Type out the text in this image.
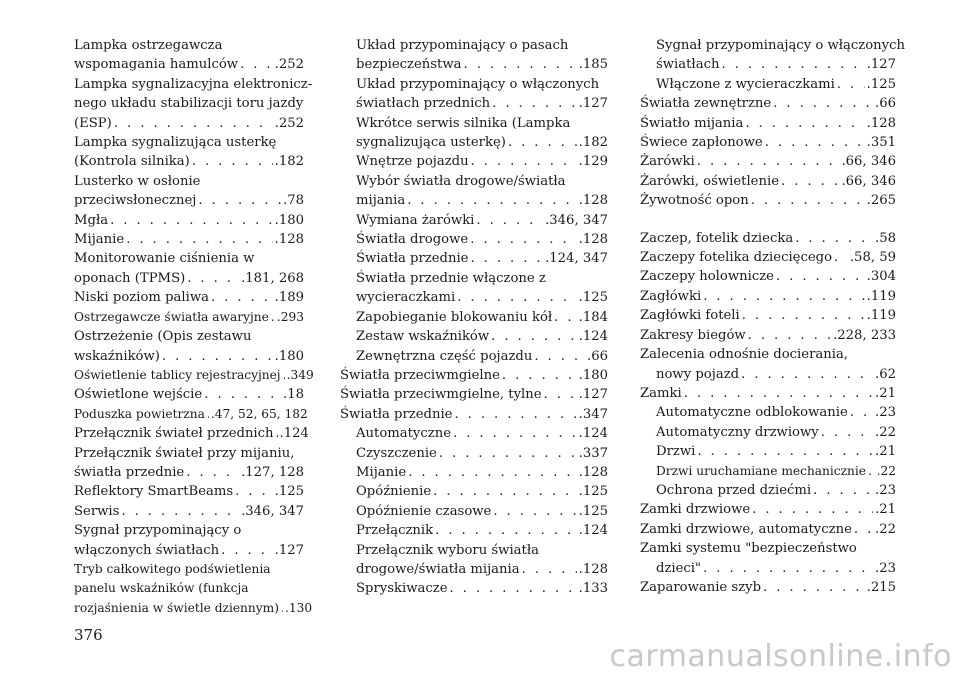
Lampka ostrzegawcza
wspomagania hamulców . . .	.252
Lampka sygnalizacyjna elektronicz-
nego układu stabilizacji toru jazdy
(ESP) . . .	.252
Lampka sygnalizująca usterkę
(Kontrola silnika) . . .	.182
Lusterko w osłonie
przeciwsłonecznej . . .	.78
Mgła . . .	.180
Mijanie . . .	.128
Monitorowanie ciśnienia w
oponach (TPMS) . . .	.181, 268
Niski poziom paliwa . . .	.189
Ostrzegawcze światła awaryjne . . . .293
Ostrzeżenie (Opis zestawu
wskaźników) . . .	.180
Oświetlenie tablicy rejestracyjnej . . . .349
Oświetlone wejście . . .	.18
Poduszka powietrzna . . . .47, 52, 65, 182
Przełącznik świateł przednich . . . .124
Przełącznik świateł przy mijaniu,
światła przednie . . .	.127, 128
Reflektory SmartBeams . . .	.125
Serwis . . .	.346, 347
Sygnał przypominający o
włączonych światłach . . .	.127
Tryb całkowitego podświetlenia
panelu wskaźników (funkcja
rozjaśnienia w świetle dziennym) . . . .130
Układ przypominający o pasach
bezpieczeństwa . . .	.185
Układ przypominający o włączonych
światłach przednich . . .	.127
Wkrótce serwis silnika (Lampka
sygnalizująca usterkę) . . .	.182
Wnętrze pojazdu . . .	.129
Wybór światła drogowe/światła
mijania . . .	.128
Wymiana żarówki . . .	.346, 347
Światła drogowe . . .	.128
Światła przednie . . .	.124, 347
Światła przednie włączone z
wycieraczkami . . .	.125
Zapobieganie blokowaniu kół . . . .184
Zestaw wskaźników . . .	.124
Zewnętrzna część pojazdu . . .	.66
Światła przeciwmgielne . . .	.180
Światła przeciwmgielne, tylne . . .	.127
Światła przednie . . .	.347
Automatyczne . . .	.124
Czyszczenie . . .	.337
Mijanie . . .	.128
Opóźnienie . . .	.125
Opóźnienie czasowe . . .	.125
Przełącznik . . .	.124
Przełącznik wyboru światła
drogowe/światła mijania . . .	.128
Spryskiwacze . . .	.133
Sygnał przypominający o włączonych
światłach . . .	.127
Włączone z wycieraczkami . . . .125
Światła zewnętrzne . . .	.66
Światło mijania . . .	.128
Świece zapłonowe . . .	.351
Żarówki . . .	.66, 346
Żarówki, oświetlenie . . .	.66, 346
Żywotność opon . . .	.265
Zaczep, fotelik dziecka . . .	.58
Zaczepy fotelika dziecięcego . . . .58, 59
Zaczepy holownicze . . .	.304
Zagłówki . . .	.119
Zagłówki foteli . . .	.119
Zakresy biegów . . .	.228, 233
Zalecenia odnośnie docierania,
nowy pojazd . . .	.62
Zamki . . .	.21
Automatyczne odblokowanie . . . .23
Automatyczny drzwiowy . . .	.22
Drzwi . . .	.21
Drzwi uruchamiane mechanicznie . . . .22
Ochrona przed dziećmi . . .	.23
Zamki drzwiowe . . .	.21
Zamki drzwiowe, automatyczne . . . .22
Zamki systemu "bezpieczeństwo
dzieci" . . .	.23
Zaparowanie szyb . . .	.215
376
carmanualsonline.info
